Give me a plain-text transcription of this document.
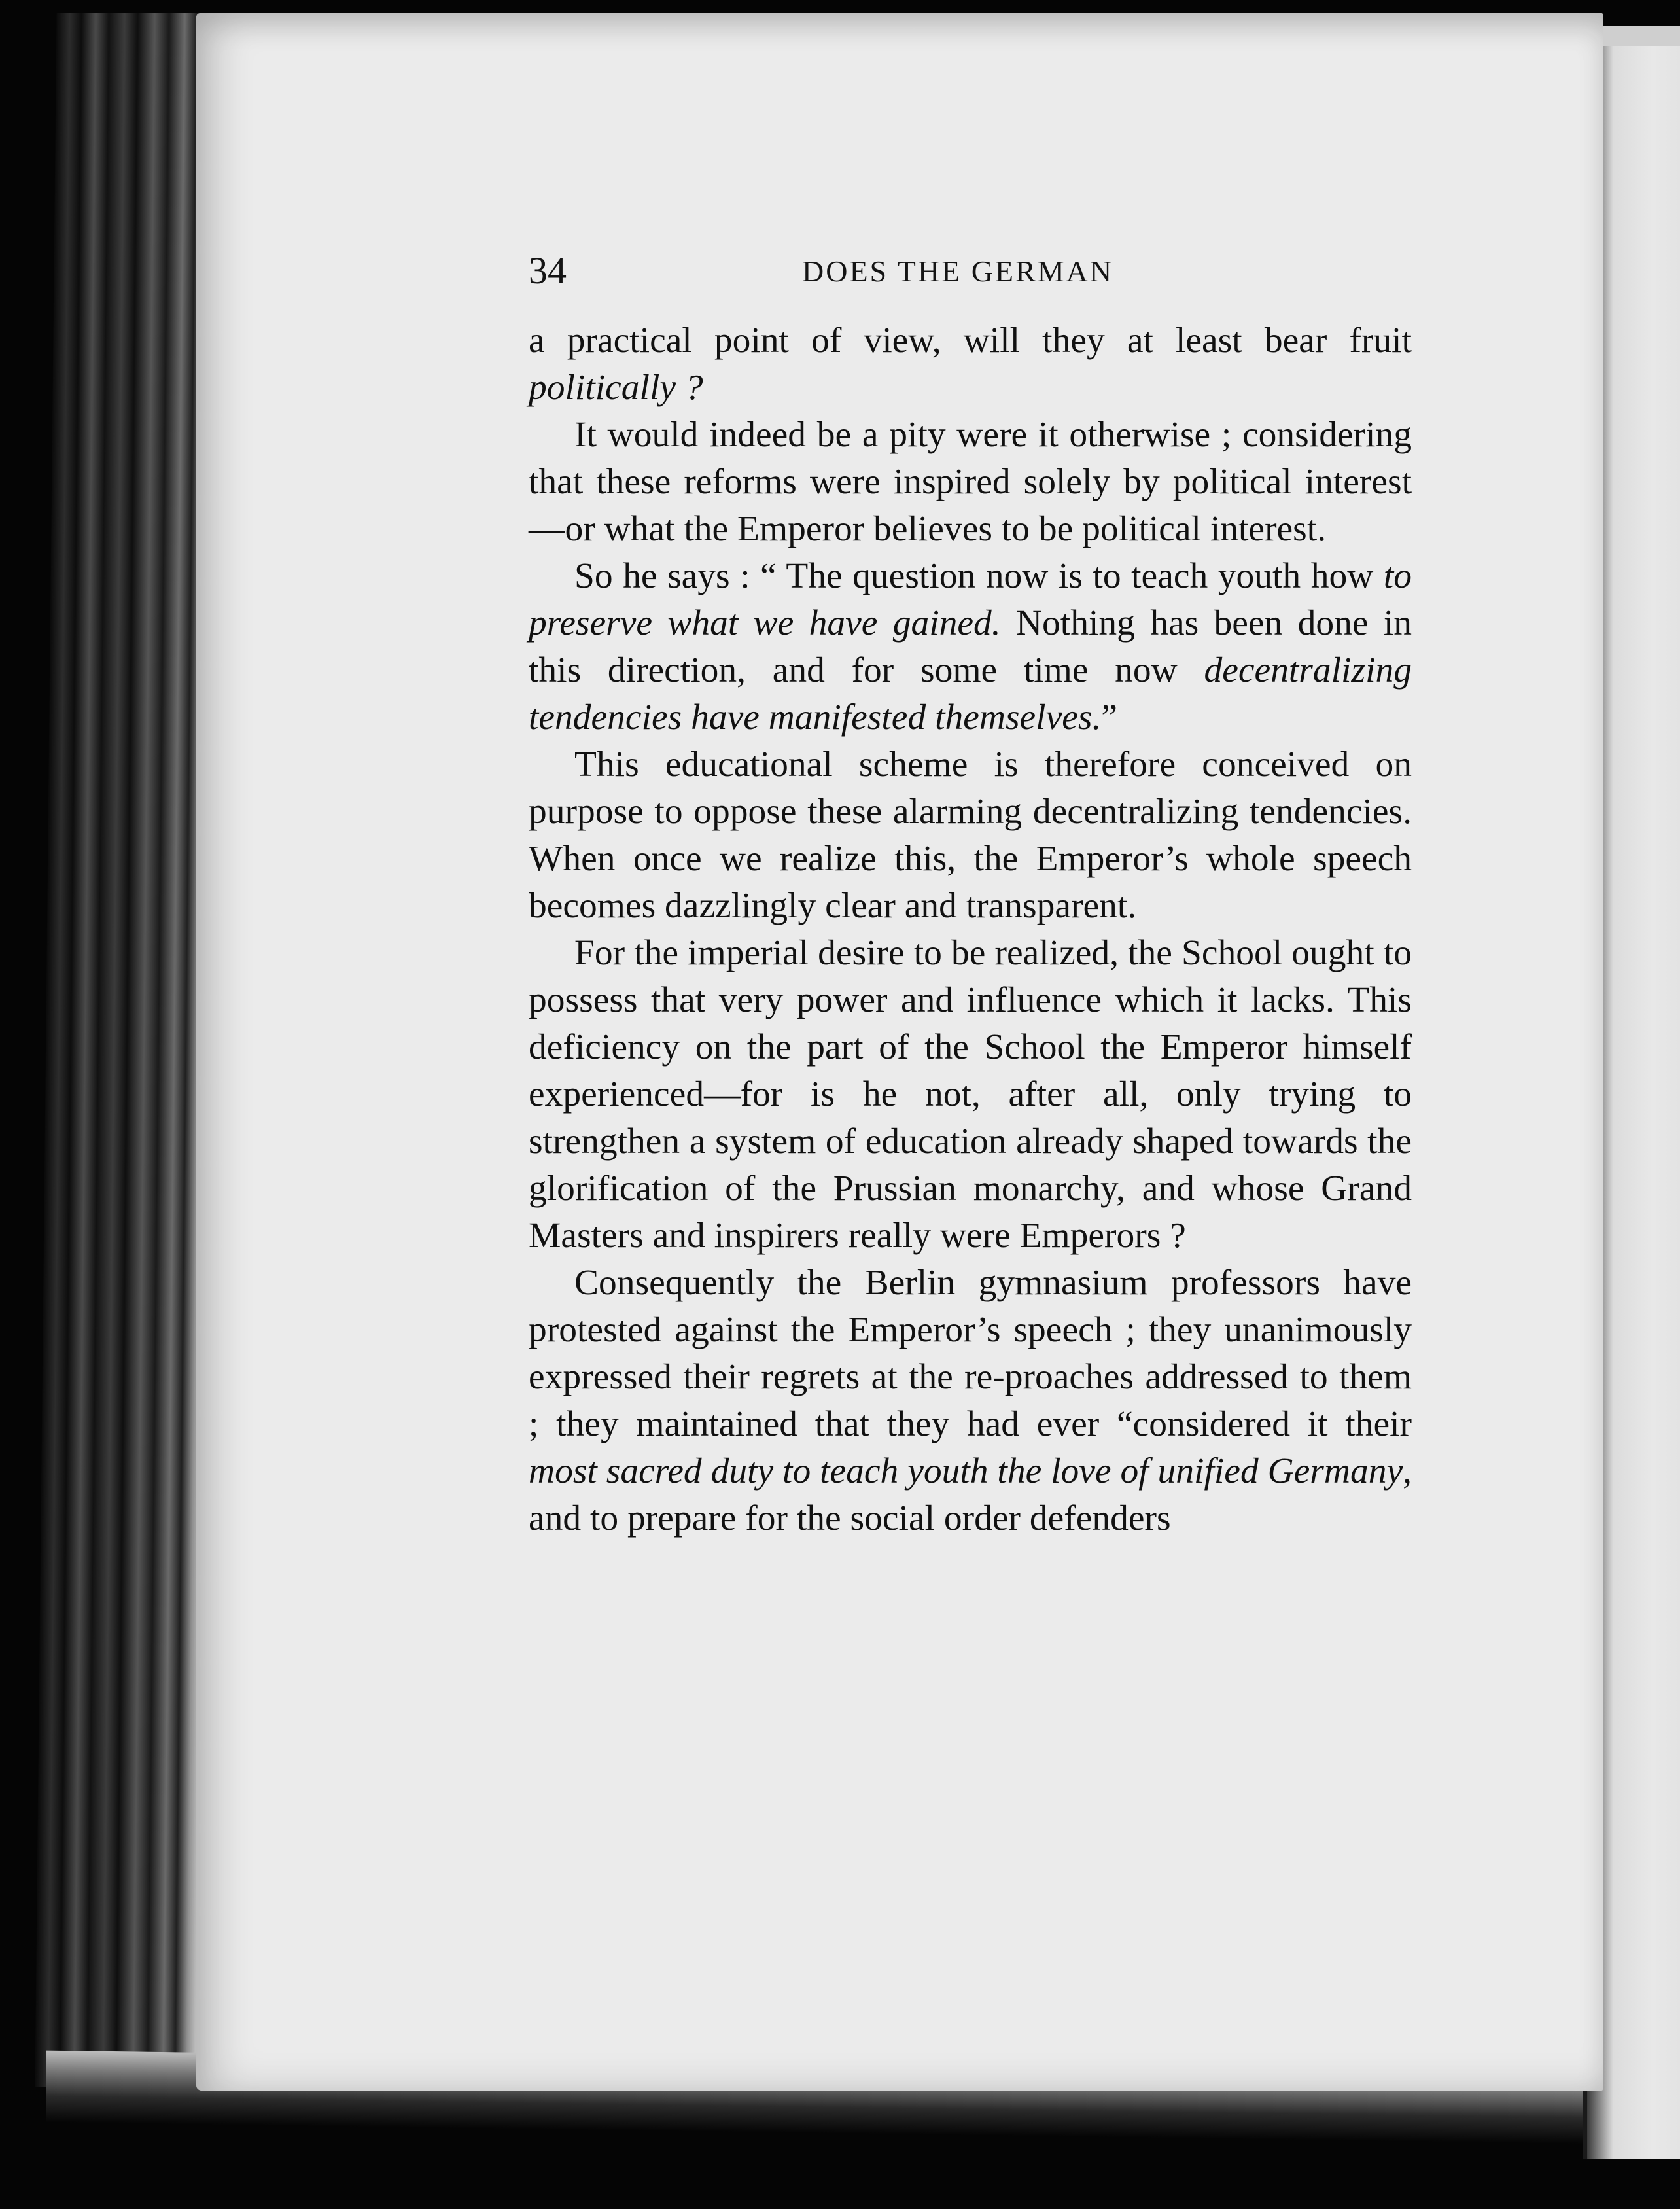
34	DOES THE GERMAN

a practical point of view, will they at least bear fruit politically ?

It would indeed be a pity were it otherwise ; considering that these reforms were inspired solely by political interest—or what the Emperor believes to be political interest.

So he says : “ The question now is to teach youth how to preserve what we have gained. Nothing has been done in this direction, and for some time now decentralizing tendencies have manifested themselves.”

This educational scheme is therefore conceived on purpose to oppose these alarming decentralizing tendencies. When once we realize this, the Emperor’s whole speech becomes dazzlingly clear and transparent.

For the imperial desire to be realized, the School ought to possess that very power and influence which it lacks. This deficiency on the part of the School the Emperor himself experienced—for is he not, after all, only trying to strengthen a system of education already shaped towards the glorification of the Prussian monarchy, and whose Grand Masters and inspirers really were Emperors ?

Consequently the Berlin gymnasium professors have protested against the Emperor’s speech ; they unanimously expressed their regrets at the re-proaches addressed to them ; they maintained that they had ever “considered it their most sacred duty to teach youth the love of unified Germany, and to prepare for the social order defenders
